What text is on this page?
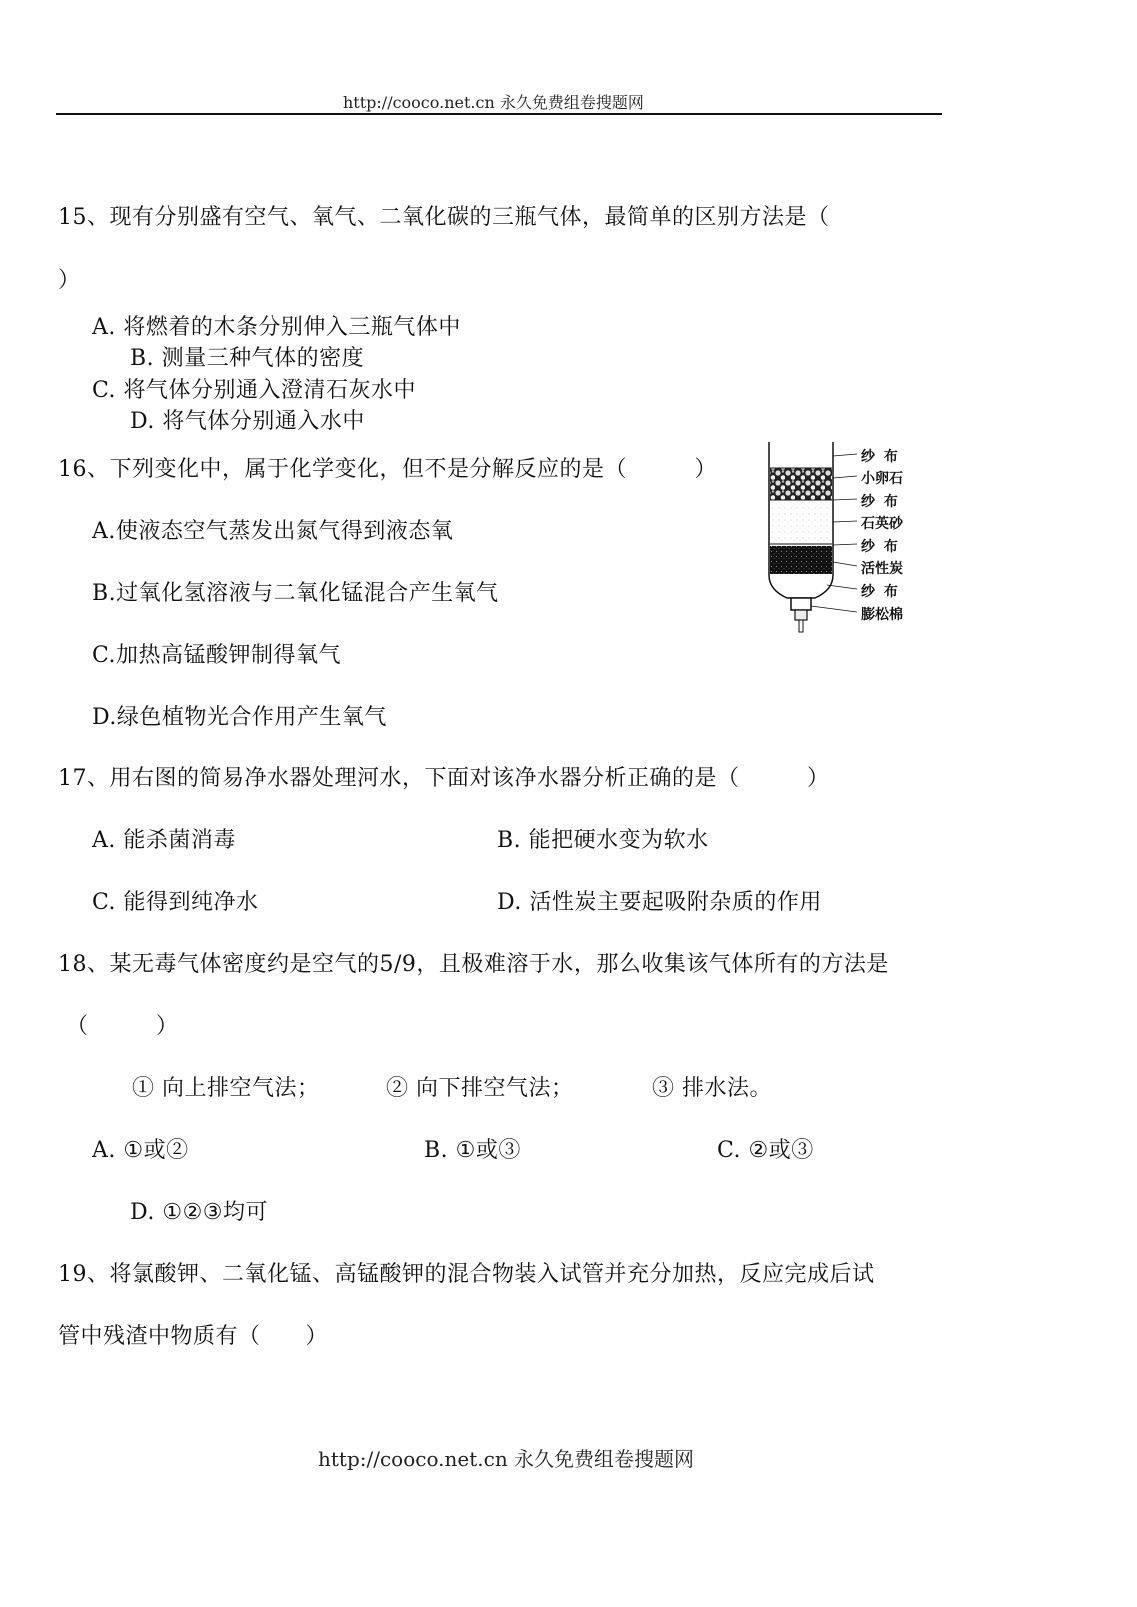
http://cooco.net.cn 永久免费组卷搜题网
15、现有分别盛有空气、氧气、二氧化碳的三瓶气体，最简单的区别方法是（
）
A. 将燃着的木条分别伸入三瓶气体中
B. 测量三种气体的密度
C. 将气体分别通入澄清石灰水中
D. 将气体分别通入水中
16、下列变化中，属于化学变化，但不是分解反应的是（　　　）
A.使液态空气蒸发出氮气得到液态氧
B.过氧化氢溶液与二氧化锰混合产生氧气
C.加热高锰酸钾制得氧气
D.绿色植物光合作用产生氧气
纱 布
小卵石
纱 布
石英砂
纱 布
活性炭
纱 布
膨松棉
17、用右图的简易净水器处理河水，下面对该净水器分析正确的是（　　　）
A. 能杀菌消毒	B. 能把硬水变为软水
C. 能得到纯净水	D. 活性炭主要起吸附杂质的作用
18、某无毒气体密度约是空气的5/9，且极难溶于水，那么收集该气体所有的方法是
（　　　）
① 向上排空气法；	② 向下排空气法；	③ 排水法。
A. ①或②	B. ①或③	C. ②或③
D. ①②③均可
19、将氯酸钾、二氧化锰、高锰酸钾的混合物装入试管并充分加热，反应完成后试
管中残渣中物质有（　　）
http://cooco.net.cn 永久免费组卷搜题网
